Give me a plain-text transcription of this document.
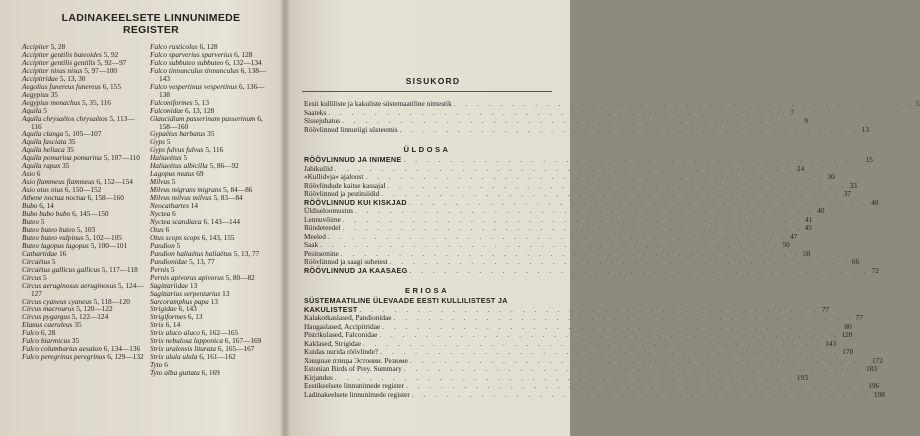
LADINAKEELSETE LINNUNIMEDE
REGISTER
Accipiter 5, 28
Accipiter gentilis buteoides 5, 92
Accipiter gentilis gentilis 5, 92—97
Accipiter nisus nisus 5, 97—100
Accipitridae 5, 13, 30
Aegolius funereus funereus 6, 155
Aegypius 35
Aegypius monachus 5, 35, 116
Aquila 5
Aquila chrysaëtos chrysaëtos 5, 113—116
Aquila clanga 5, 105—107
Aquila fasciata 35
Aquila heliaca 35
Aquila pomarina pomarina 5, 107—110
Aquila rapax 35
Asio 6
Asio flammeus flammeus 6, 152—154
Asio otus otus 6, 150—152
Athene noctua noctua 6, 158—160
Bubo 6, 14
Bubo bubo bubo 6, 145—150
Buteo 5
Buteo buteo buteo 5, 103
Buteo buteo vulpinus 5, 102—105
Buteo lagopus lagopus 5, 100—101
Cathartidae 16
Circaëtus 5
Circaëtus gallicus gallicus 5, 117—118
Circus 5
Circus aeruginosus aeruginosus 5, 124—127
Circus cyaneus cyaneus 5, 118—120
Circus macrourus 5, 120—122
Circus pygargus 5, 122—124
Elanus caeruleus 35
Falco 6, 28
Falco biarmicus 35
Falco columbarius aesalon 6, 134—136
Falco peregrinus peregrinus 6, 129—132
Falco rusticolus 6, 128
Falco sparverius sparverius 6, 128
Falco subbuteo subbuteo 6, 132—134
Falco tinnunculus tinnunculus 6, 138—143
Falco vespertinus vespertinus 6, 136—138
Falconiformes 5, 13
Falconidae 6, 13, 128
Glaucidium passerinum passerinum 6, 158—160
Gypaëtus barbatus 35
Gyps 5
Gyps fulvus fulvus 5, 116
Haliaeëtus 5
Haliaeëtus albicilla 5, 86—92
Lagopus mutus 69
Milvus 5
Milvus migrans migrans 5, 84—86
Milvus milvus milvus 5, 83—84
Neocathartes 14
Nyctea 6
Nyctea scandiaca 6, 143—144
Otus 6
Otus scops scops 6, 143, 155
Pandion 5
Pandion haliaëtus haliaëtus 5, 13, 77
Pandionidae 5, 13, 77
Pernis 5
Pernis apivorus apivorus 5, 80—82
Sagittariidae 13
Sagittarius serpentarius 13
Sarcoramphus papa 13
Strigidae 6, 143
Strigiformes 6, 13
Strix 6, 14
Strix aluco aluco 6, 162—165
Strix nebulosa lapponica 6, 167—169
Strix uralensis liturata 6, 165—167
Strix ulula ulula 6, 161—162
Tyto 6
Tyto alba guttata 6, 169
SISUKORD
Eesti kullilistе ja kakuliste süstemaatiline nimestik . . . . . . . . . . . . . . . . . . . . . . . . . . . . . . . . . . . . . . . . 5
Saateks . . . . . . . . . . . . . . . . . . . . . . . . . . . . . . . . . . . . . . . . 7
Sissejuhatus . . . . . . . . . . . . . . . . . . . . . . . . . . . . . . . . . . . . . . . . 9
Röövlinnud linnuriigi süsteemis . . . . . . . . . . . . . . . . . . . . . . . . . . . . . . . . . . . . . . . . 13
ÜLDOSA
RÖÖVLINNUD JA INIMENE . . . . . . . . . . . . . . . . . . . . . . . . . . . . . . . . . . . . . . . . 15
Jahikullid . . . . . . . . . . . . . . . . . . . . . . . . . . . . . . . . . . . . . . . . 24
«Kullid»ja» ajaloost . . . . . . . . . . . . . . . . . . . . . . . . . . . . . . . . . . . . . . . . 30
Röövlindude kaitse kassajal . . . . . . . . . . . . . . . . . . . . . . . . . . . . . . . . . . . . . . . . 33
Röövlinnud ja pestitsiidid . . . . . . . . . . . . . . . . . . . . . . . . . . . . . . . . . . . . . . . . 37
RÖÖVLINNUD KUI KISKJAD . . . . . . . . . . . . . . . . . . . . . . . . . . . . . . . . . . . . . . . . 40
Üldiseloomustus . . . . . . . . . . . . . . . . . . . . . . . . . . . . . . . . . . . . . . . . 40
Lennuvõime . . . . . . . . . . . . . . . . . . . . . . . . . . . . . . . . . . . . . . . . 41
Ründeteedel . . . . . . . . . . . . . . . . . . . . . . . . . . . . . . . . . . . . . . . . 45
Meeled . . . . . . . . . . . . . . . . . . . . . . . . . . . . . . . . . . . . . . . . 47
Saak . . . . . . . . . . . . . . . . . . . . . . . . . . . . . . . . . . . . . . . . 50
Pesitsemine . . . . . . . . . . . . . . . . . . . . . . . . . . . . . . . . . . . . . . . . 58
Röövlinnud ja saagi suhetest . . . . . . . . . . . . . . . . . . . . . . . . . . . . . . . . . . . . . . . . 66
RÖÖVLINNUD JA KAASAEG . . . . . . . . . . . . . . . . . . . . . . . . . . . . . . . . . . . . . . . . 72
ERIOSA
SÜSTEMAATILINE ÜLEVAADE EESTI KULLILISTEST JA
KAKULISTEST . . . . . . . . . . . . . . . . . . . . . . . . . . . . . . . . . . . . . . . . 77
Kalakotkaslased, Pandionidae . . . . . . . . . . . . . . . . . . . . . . . . . . . . . . . . . . . . . . . . 77
Haugaslased, Accipitridae . . . . . . . . . . . . . . . . . . . . . . . . . . . . . . . . . . . . . . . . 80
Pistrikulased, Falconidae . . . . . . . . . . . . . . . . . . . . . . . . . . . . . . . . . . . . . . . . 128
Kaklased, Strigidae . . . . . . . . . . . . . . . . . . . . . . . . . . . . . . . . . . . . . . . . 143
Kuidas uurida röövlinde? . . . . . . . . . . . . . . . . . . . . . . . . . . . . . . . . . . . . . . . . 170
Хищные птицы Эстонии. Резюме . . . . . . . . . . . . . . . . . . . . . . . . . . . . . . . . . . . . . . . . 172
Estonian Birds of Prey. Summary . . . . . . . . . . . . . . . . . . . . . . . . . . . . . . . . . . . . . . . . 183
Kirjandus . . . . . . . . . . . . . . . . . . . . . . . . . . . . . . . . . . . . . . . . 193
Eestikeelsete linnunimede register . . . . . . . . . . . . . . . . . . . . . . . . . . . . . . . . . . . . . . . . 196
Ladinakeelsete linnunimede register . . . . . . . . . . . . . . . . . . . . . . . . . . . . . . . . . . . . . . . . 198
